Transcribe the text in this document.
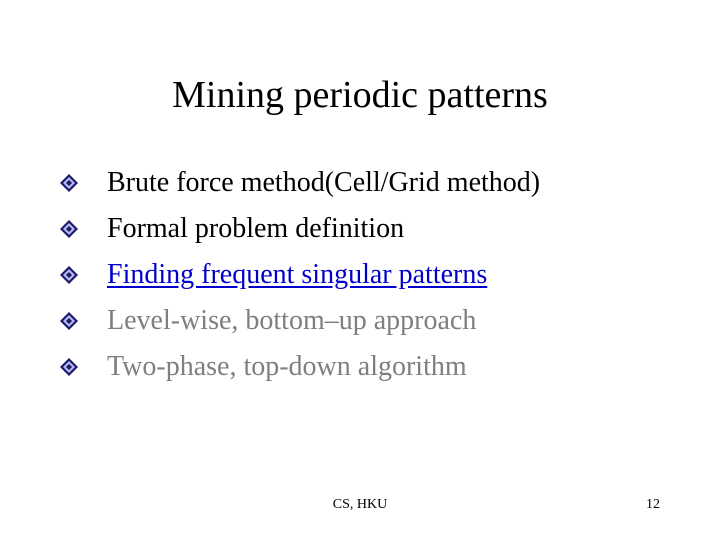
Mining periodic patterns
Brute force method(Cell/Grid method)
Formal problem definition
Finding frequent singular patterns
Level-wise, bottom–up approach
Two-phase, top-down algorithm
CS, HKU	12
